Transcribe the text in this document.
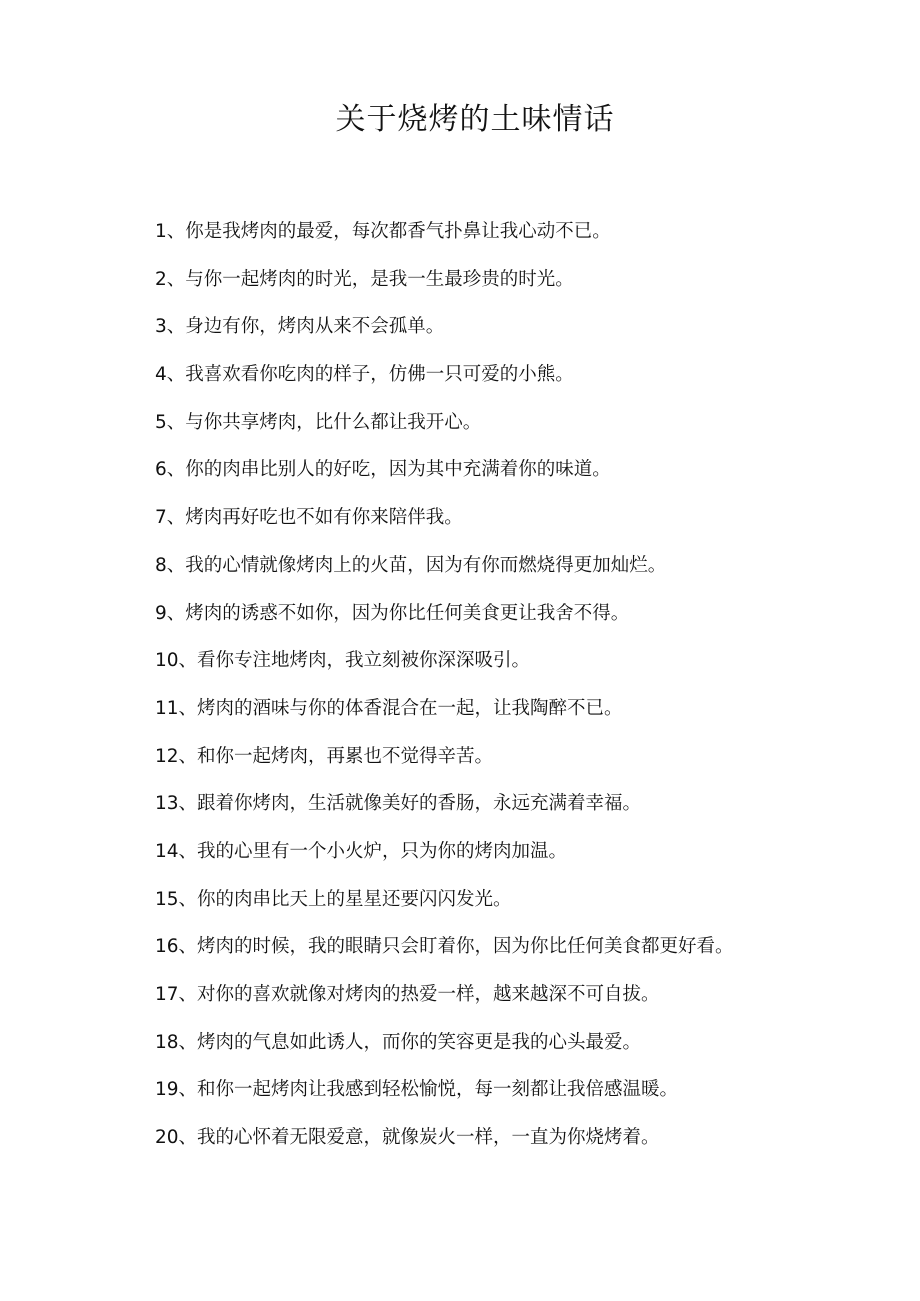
关于烧烤的土味情话
1、你是我烤肉的最爱，每次都香气扑鼻让我心动不已。
2、与你一起烤肉的时光，是我一生最珍贵的时光。
3、身边有你，烤肉从来不会孤单。
4、我喜欢看你吃肉的样子，仿佛一只可爱的小熊。
5、与你共享烤肉，比什么都让我开心。
6、你的肉串比别人的好吃，因为其中充满着你的味道。
7、烤肉再好吃也不如有你来陪伴我。
8、我的心情就像烤肉上的火苗，因为有你而燃烧得更加灿烂。
9、烤肉的诱惑不如你，因为你比任何美食更让我舍不得。
10、看你专注地烤肉，我立刻被你深深吸引。
11、烤肉的酒味与你的体香混合在一起，让我陶醉不已。
12、和你一起烤肉，再累也不觉得辛苦。
13、跟着你烤肉，生活就像美好的香肠，永远充满着幸福。
14、我的心里有一个小火炉，只为你的烤肉加温。
15、你的肉串比天上的星星还要闪闪发光。
16、烤肉的时候，我的眼睛只会盯着你，因为你比任何美食都更好看。
17、对你的喜欢就像对烤肉的热爱一样，越来越深不可自拔。
18、烤肉的气息如此诱人，而你的笑容更是我的心头最爱。
19、和你一起烤肉让我感到轻松愉悦，每一刻都让我倍感温暖。
20、我的心怀着无限爱意，就像炭火一样，一直为你烧烤着。
